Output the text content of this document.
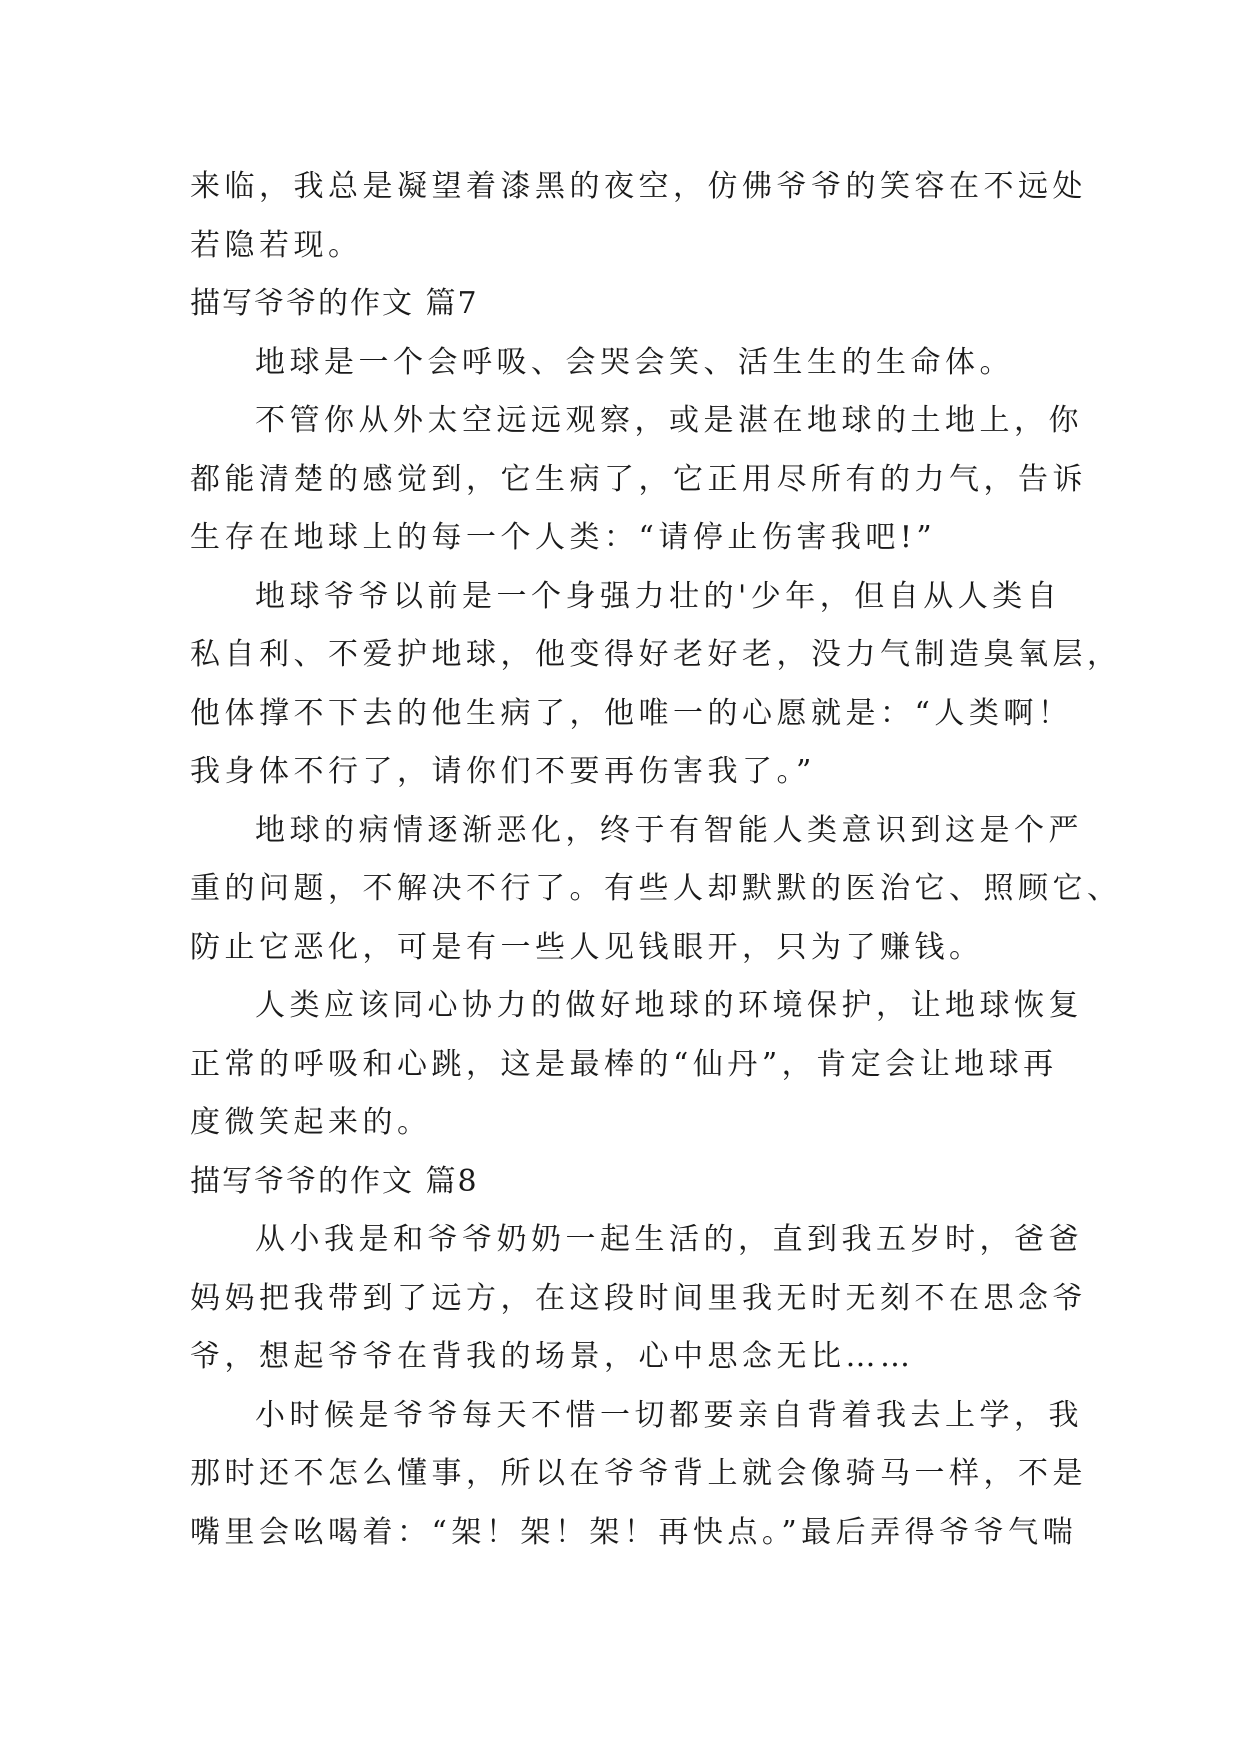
来临，我总是凝望着漆黑的夜空，仿佛爷爷的笑容在不远处
若隐若现。
描写爷爷的作文 篇7
地球是一个会呼吸、会哭会笑、活生生的生命体。
不管你从外太空远远观察，或是湛在地球的土地上，你
都能清楚的感觉到，它生病了，它正用尽所有的力气，告诉
生存在地球上的每一个人类：“请停止伤害我吧!”
地球爷爷以前是一个身强力壮的'少年，但自从人类自
私自利、不爱护地球，他变得好老好老，没力气制造臭氧层，
他体撑不下去的他生病了，他唯一的心愿就是：“人类啊！
我身体不行了，请你们不要再伤害我了。”
地球的病情逐渐恶化，终于有智能人类意识到这是个严
重的问题，不解决不行了。有些人却默默的医治它、照顾它、
防止它恶化，可是有一些人见钱眼开，只为了赚钱。
人类应该同心协力的做好地球的环境保护，让地球恢复
正常的呼吸和心跳，这是最棒的“仙丹”，肯定会让地球再
度微笑起来的。
描写爷爷的作文 篇8
从小我是和爷爷奶奶一起生活的，直到我五岁时，爸爸
妈妈把我带到了远方，在这段时间里我无时无刻不在思念爷
爷，想起爷爷在背我的场景，心中思念无比……
小时候是爷爷每天不惜一切都要亲自背着我去上学，我
那时还不怎么懂事，所以在爷爷背上就会像骑马一样，不是
嘴里会吆喝着：“架！架！架！再快点。”最后弄得爷爷气喘
